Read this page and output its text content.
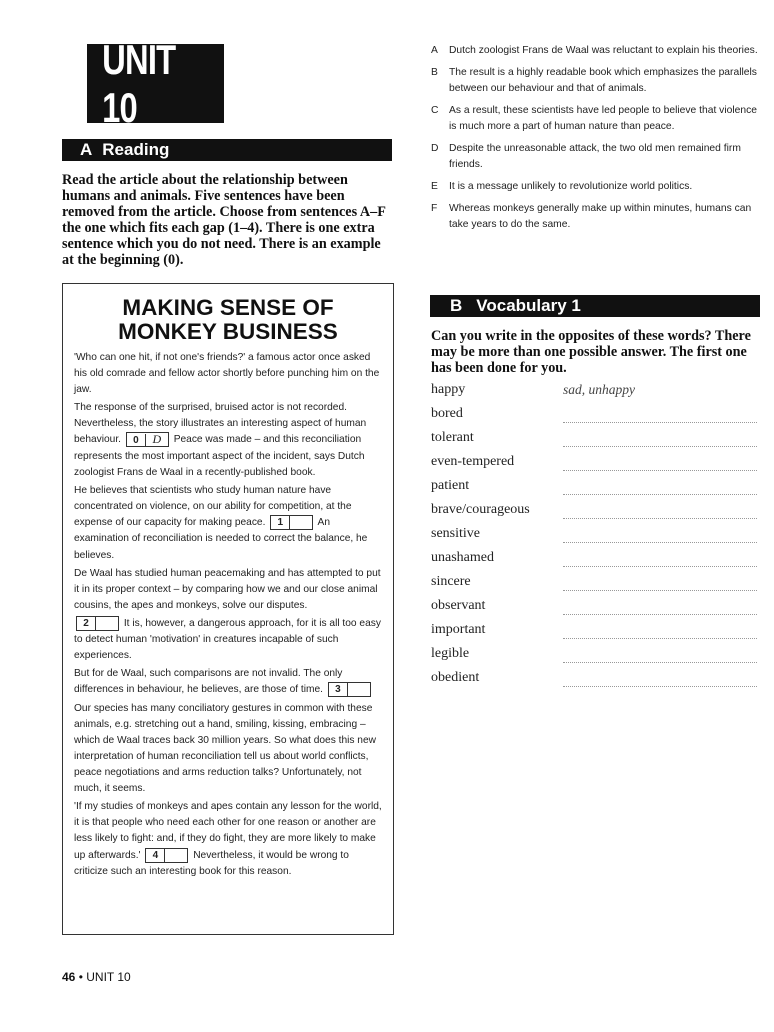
UNIT 10
A Reading
Read the article about the relationship between humans and animals. Five sentences have been removed from the article. Choose from sentences A–F the one which fits each gap (1–4). There is one extra sentence which you do not need. There is an example at the beginning (0).
MAKING SENSE OF
MONKEY BUSINESS

'Who can one hit, if not one's friends?' a famous actor once asked his old comrade and fellow actor shortly before punching him on the jaw.

The response of the surprised, bruised actor is not recorded. Nevertheless, the story illustrates an interesting aspect of human behaviour. 0 D Peace was made – and this reconciliation represents the most important aspect of the incident, says Dutch zoologist Frans de Waal in a recently-published book.

He believes that scientists who study human nature have concentrated on violence, on our ability for competition, at the expense of our capacity for making peace. 1	An examination of reconciliation is needed to correct the balance, he believes.

De Waal has studied human peacemaking and has attempted to put it in its proper context – by comparing how we and our close animal cousins, the apes and monkeys, solve our disputes.

2	It is, however, a dangerous approach, for it is all too easy to detect human 'motivation' in creatures incapable of such experiences.

But for de Waal, such comparisons are not invalid. The only differences in behaviour, he believes, are those of time. 3

Our species has many conciliatory gestures in common with these animals, e.g. stretching out a hand, smiling, kissing, embracing – which de Waal traces back 30 million years. So what does this new interpretation of human reconciliation tell us about world conflicts, peace negotiations and arms reduction talks? Unfortunately, not much, it seems.

'If my studies of monkeys and apes contain any lesson for the world, it is that people who need each other for one reason or another are less likely to fight: and, if they do fight, they are more likely to make up afterwards.' 4	Nevertheless, it would be wrong to criticize such an interesting book for this reason.

A	Dutch zoologist Frans de Waal was reluctant to explain his theories.
B	The result is a highly readable book which emphasizes the parallels between our behaviour and that of animals.
C	As a result, these scientists have led people to believe that violence is much more a part of human nature than peace.
D	Despite the unreasonable attack, the two old men remained firm friends.
E	It is a message unlikely to revolutionize world politics.
F	Whereas monkeys generally make up within minutes, humans can take years to do the same.
B Vocabulary 1
Can you write in the opposites of these words? There may be more than one possible answer. The first one has been done for you.
happy	sad, unhappy
bored
tolerant
even-tempered
patient
brave/courageous
sensitive
unashamed
sincere
observant
important
legible
obedient
46 • UNIT 10
